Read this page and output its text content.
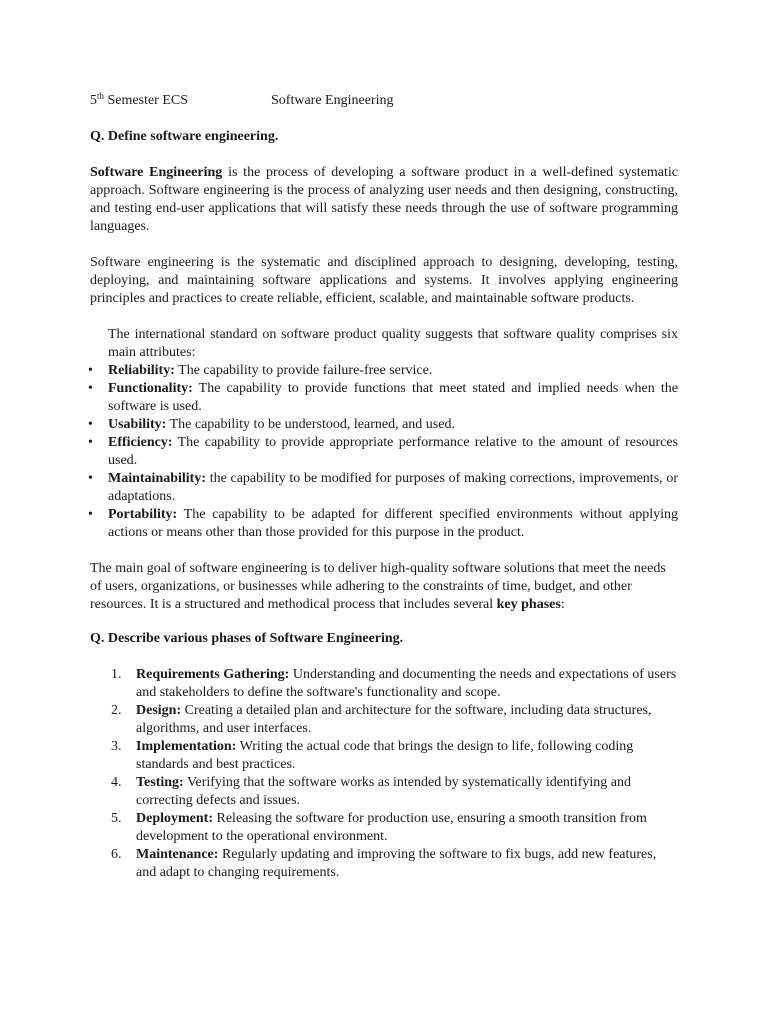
5th Semester ECS	Software Engineering
Q. Define software engineering.

Software Engineering is the process of developing a software product in a well-defined systematic approach. Software engineering is the process of analyzing user needs and then designing, constructing, and testing end-user applications that will satisfy these needs through the use of software programming languages.

Software engineering is the systematic and disciplined approach to designing, developing, testing, deploying, and maintaining software applications and systems. It involves applying engineering principles and practices to create reliable, efficient, scalable, and maintainable software products.

The international standard on software product quality suggests that software quality comprises six main attributes:

• Reliability: The capability to provide failure-free service.
• Functionality: The capability to provide functions that meet stated and implied needs when the software is used.
• Usability: The capability to be understood, learned, and used.
• Efficiency: The capability to provide appropriate performance relative to the amount of resources used.
• Maintainability: the capability to be modified for purposes of making corrections, improvements, or adaptations.
• Portability: The capability to be adapted for different specified environments without applying actions or means other than those provided for this purpose in the product.

The main goal of software engineering is to deliver high-quality software solutions that meet the needs of users, organizations, or businesses while adhering to the constraints of time, budget, and other resources. It is a structured and methodical process that includes several key phases:

Q. Describe various phases of Software Engineering.
1. Requirements Gathering: Understanding and documenting the needs and expectations of users and stakeholders to define the software's functionality and scope.
2. Design: Creating a detailed plan and architecture for the software, including data structures, algorithms, and user interfaces.
3. Implementation: Writing the actual code that brings the design to life, following coding standards and best practices.
4. Testing: Verifying that the software works as intended by systematically identifying and correcting defects and issues.
5. Deployment: Releasing the software for production use, ensuring a smooth transition from development to the operational environment.
6. Maintenance: Regularly updating and improving the software to fix bugs, add new features, and adapt to changing requirements.
